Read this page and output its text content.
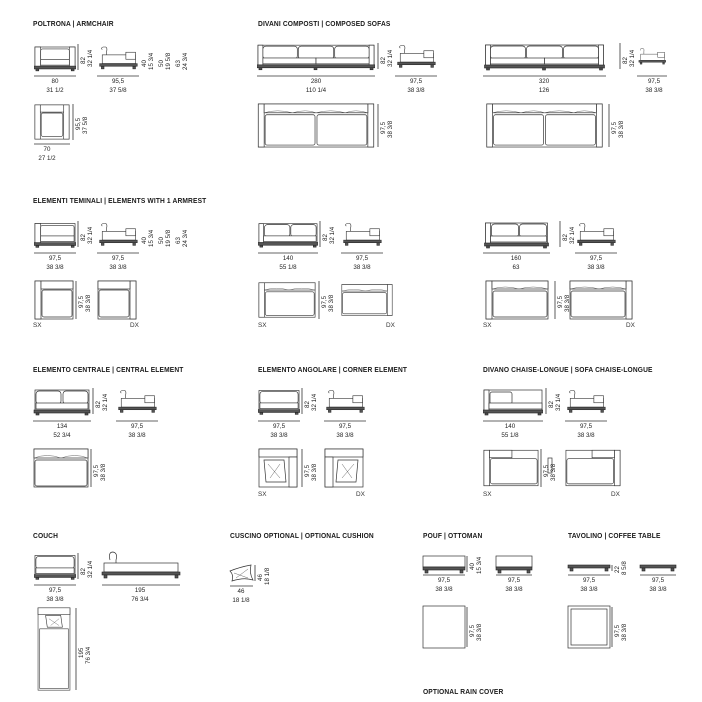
POLTRONA | ARMCHAIR	DIVANI COMPOSTI | COMPOSED SOFAS
ELEMENTI TEMINALI | ELEMENTS WITH 1 ARMREST
ELEMENTO CENTRALE | CENTRAL ELEMENT	ELEMENTO ANGOLARE | CORNER ELEMENT	DIVANO CHAISE-LONGUE | SOFA CHAISE-LONGUE
COUCH	CUSCINO OPTIONAL | OPTIONAL CUSHION	POUF | OTTOMAN	TAVOLINO | COFFEE TABLE
OPTIONAL RAIN COVER
80
31 1/2
95,5
37 5/8
82 32 1/4	40 15 3/4 50 19 5/8 63 24 3/4
95,5 37 5/8
70
27 1/2
280
110 1/4
97,5
38 3/8
82 32 1/4
97,5 38 3/8
320
126
97,5
38 3/8
82 32 1/4
97,5 38 3/8
97,5
38 3/8
97,5
38 3/8
82 32 1/4	40 15 3/4 50 19 5/8 63 24 3/4
97,5 38 3/8
SX	DX
140
55 1/8
97,5
38 3/8
82 32 1/4
97,5 38 3/8
SX	DX
160
63
97,5
38 3/8
82 32 1/4
97,5 38 3/8
SX	DX
134
52 3/4
97,5
38 3/8
82 32 1/4
97,5 38 3/8
97,5
38 3/8
97,5
38 3/8
82 32 1/4
97,5 38 3/8
SX	DX
140
55 1/8
97,5
38 3/8
82 32 1/4
97,5 38 3/8
SX	DX
97,5
38 3/8
195
76 3/4
82 32 1/4
195 76 3/4
46
18 1/8
46 18 1/8	97,5
38 3/8
97,5
38 3/8
40 15 3/4
97,5 38 3/8
97,5
38 3/8
97,5
38 3/8
22 8 5/8
97,5 38 3/8
